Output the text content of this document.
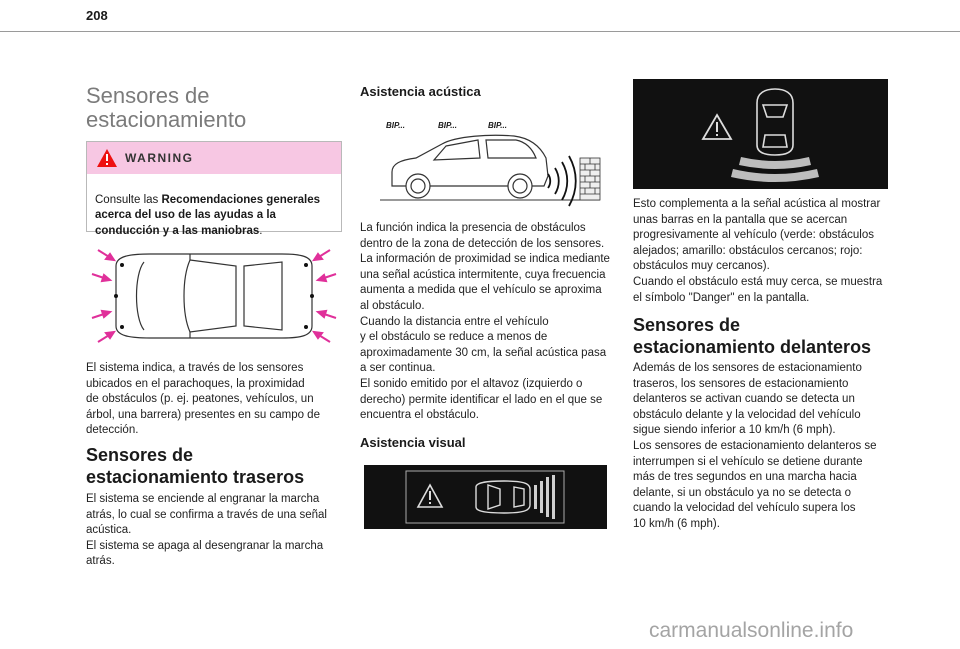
208
Sensores de
estacionamiento
WARNING

Consulte las Recomendaciones generales acerca del uso de las ayudas a la conducción y a las maniobras.

El sistema indica, a través de los sensores
ubicados en el parachoques, la proximidad
de obstáculos (p. ej. peatones, vehículos, un
árbol, una barrera) presentes en su campo de
detección.

Sensores de
estacionamiento traseros

El sistema se enciende al engranar la marcha
atrás, lo cual se confirma a través de una señal
acústica.
El sistema se apaga al desengranar la marcha
atrás.

Asistencia acústica
BIP...	BIP...	BIP...

La función indica la presencia de obstáculos
dentro de la zona de detección de los sensores.
La información de proximidad se indica mediante
una señal acústica intermitente, cuya frecuencia
aumenta a medida que el vehículo se aproxima
al obstáculo.
Cuando la distancia entre el vehículo
y el obstáculo se reduce a menos de
aproximadamente 30 cm, la señal acústica pasa
a ser continua.
El sonido emitido por el altavoz (izquierdo o
derecho) permite identificar el lado en el que se
encuentra el obstáculo.

Asistencia visual

Esto complementa a la señal acústica al mostrar
unas barras en la pantalla que se acercan
progresivamente al vehículo (verde: obstáculos
alejados; amarillo: obstáculos cercanos; rojo:
obstáculos muy cercanos).
Cuando el obstáculo está muy cerca, se muestra
el símbolo "Danger" en la pantalla.

Sensores de
estacionamiento delanteros

Además de los sensores de estacionamiento
traseros, los sensores de estacionamiento
delanteros se activan cuando se detecta un
obstáculo delante y la velocidad del vehículo
sigue siendo inferior a 10 km/h (6 mph).
Los sensores de estacionamiento delanteros se
interrumpen si el vehículo se detiene durante
más de tres segundos en una marcha hacia
delante, si un obstáculo ya no se detecta o
cuando la velocidad del vehículo supera los
10 km/h (6 mph).

carmanualsonline.info
